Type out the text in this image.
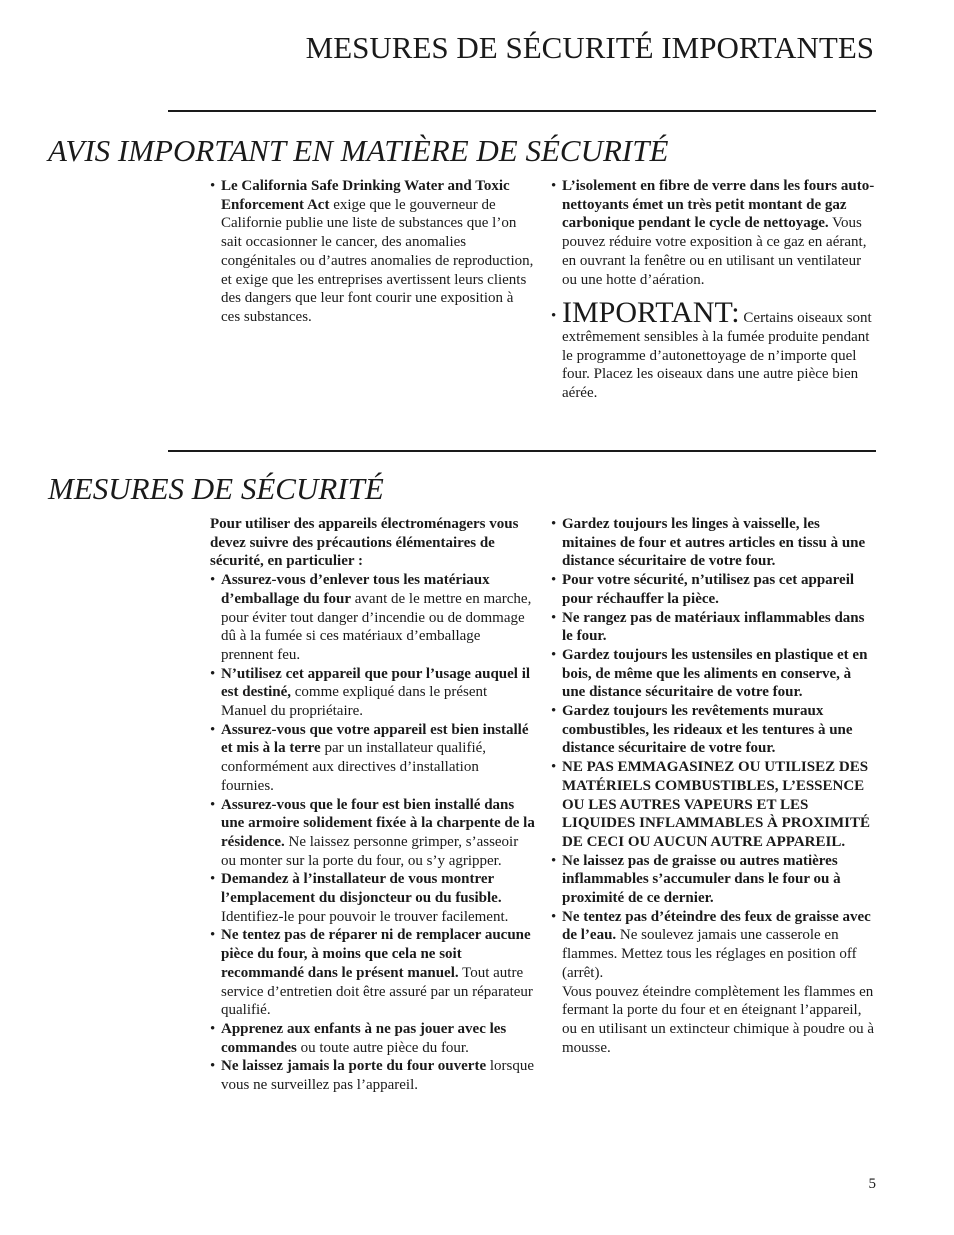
MESURES DE SÉCURITÉ IMPORTANTES
AVIS IMPORTANT EN MATIÈRE DE SÉCURITÉ

• Le California Safe Drinking Water and Toxic Enforcement Act exige que le gouverneur de Californie publie une liste de substances que l’on sait occasionner le cancer, des anomalies congénitales ou d’autres anomalies de reproduction, et exige que les entreprises avertissent leurs clients des dangers que leur font courir une exposition à ces substances.

• L’isolement en fibre de verre dans les fours auto-nettoyants émet un très petit montant de gaz carbonique pendant le cycle de nettoyage. Vous pouvez réduire votre exposition à ce gaz en aérant, en ouvrant la fenêtre ou en utilisant un ventilateur ou une hotte d’aération.

• IMPORTANT: Certains oiseaux sont extrêmement sensibles à la fumée produite pendant le programme d’autonettoyage de n’importe quel four. Placez les oiseaux dans une autre pièce bien aérée.

MESURES DE SÉCURITÉ

Pour utiliser des appareils électroménagers vous devez suivre des précautions élémentaires de sécurité, en particulier :

• Assurez-vous d’enlever tous les matériaux d’emballage du four avant de le mettre en marche, pour éviter tout danger d’incendie ou de dommage dû à la fumée si ces matériaux d’emballage prennent feu.

• N’utilisez cet appareil que pour l’usage auquel il est destiné, comme expliqué dans le présent Manuel du propriétaire.

• Assurez-vous que votre appareil est bien installé et mis à la terre par un installateur qualifié, conformément aux directives d’installation fournies.

• Assurez-vous que le four est bien installé dans une armoire solidement fixée à la charpente de la résidence. Ne laissez personne grimper, s’asseoir ou monter sur la porte du four, ou s’y agripper.

• Demandez à l’installateur de vous montrer l’emplacement du disjoncteur ou du fusible. Identifiez-le pour pouvoir le trouver facilement.

• Ne tentez pas de réparer ni de remplacer aucune pièce du four, à moins que cela ne soit recommandé dans le présent manuel. Tout autre service d’entretien doit être assuré par un réparateur qualifié.

• Apprenez aux enfants à ne pas jouer avec les commandes ou toute autre pièce du four.

• Ne laissez jamais la porte du four ouverte lorsque vous ne surveillez pas l’appareil.

• Gardez toujours les linges à vaisselle, les mitaines de four et autres articles en tissu à une distance sécuritaire de votre four.

• Pour votre sécurité, n’utilisez pas cet appareil pour réchauffer la pièce.

• Ne rangez pas de matériaux inflammables dans le four.

• Gardez toujours les ustensiles en plastique et en bois, de même que les aliments en conserve, à une distance sécuritaire de votre four.

• Gardez toujours les revêtements muraux combustibles, les rideaux et les tentures à une distance sécuritaire de votre four.

• NE PAS EMMAGASINEZ OU UTILISEZ DES MATÉRIELS COMBUSTIBLES, L’ESSENCE OU LES AUTRES VAPEURS ET LES LIQUIDES INFLAMMABLES À PROXIMITÉ DE CECI OU AUCUN AUTRE APPAREIL.

• Ne laissez pas de graisse ou autres matières inflammables s’accumuler dans le four ou à proximité de ce dernier.

• Ne tentez pas d’éteindre des feux de graisse avec de l’eau. Ne soulevez jamais une casserole en flammes. Mettez tous les réglages en position off (arrêt).

Vous pouvez éteindre complètement les flammes en fermant la porte du four et en éteignant l’appareil, ou en utilisant un extincteur chimique à poudre ou à mousse.

5
